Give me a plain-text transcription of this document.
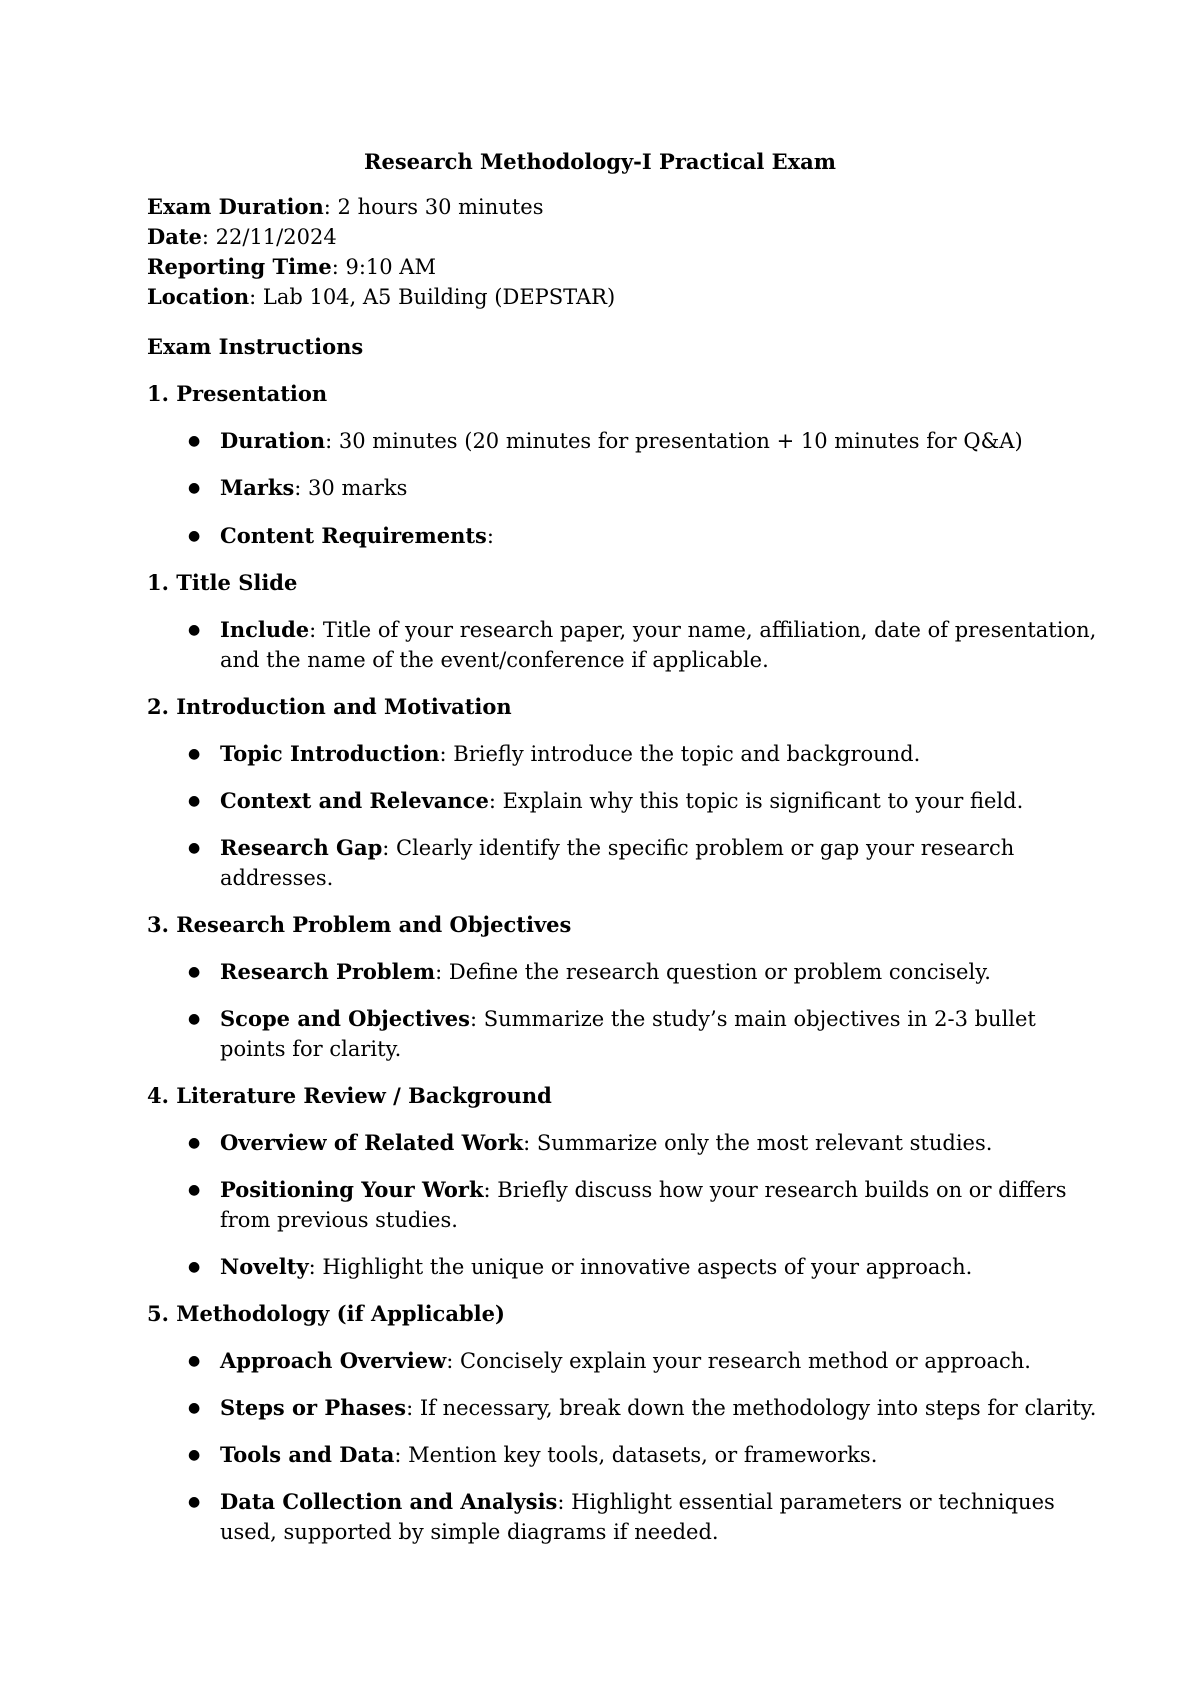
Research Methodology-I Practical Exam
Exam Duration: 2 hours 30 minutes
Date: 22/11/2024
Reporting Time: 9:10 AM
Location: Lab 104, A5 Building (DEPSTAR)
Exam Instructions
1. Presentation
● Duration: 30 minutes (20 minutes for presentation + 10 minutes for Q&A)
● Marks: 30 marks
● Content Requirements:
1. Title Slide
● Include: Title of your research paper, your name, affiliation, date of presentation,
and the name of the event/conference if applicable.
2. Introduction and Motivation
● Topic Introduction: Briefly introduce the topic and background.
● Context and Relevance: Explain why this topic is significant to your field.
● Research Gap: Clearly identify the specific problem or gap your research
addresses.
3. Research Problem and Objectives
● Research Problem: Define the research question or problem concisely.
● Scope and Objectives: Summarize the study’s main objectives in 2-3 bullet
points for clarity.
4. Literature Review / Background
● Overview of Related Work: Summarize only the most relevant studies.
● Positioning Your Work: Briefly discuss how your research builds on or differs
from previous studies.
● Novelty: Highlight the unique or innovative aspects of your approach.
5. Methodology (if Applicable)
● Approach Overview: Concisely explain your research method or approach.
● Steps or Phases: If necessary, break down the methodology into steps for clarity.
● Tools and Data: Mention key tools, datasets, or frameworks.
● Data Collection and Analysis: Highlight essential parameters or techniques
used, supported by simple diagrams if needed.
